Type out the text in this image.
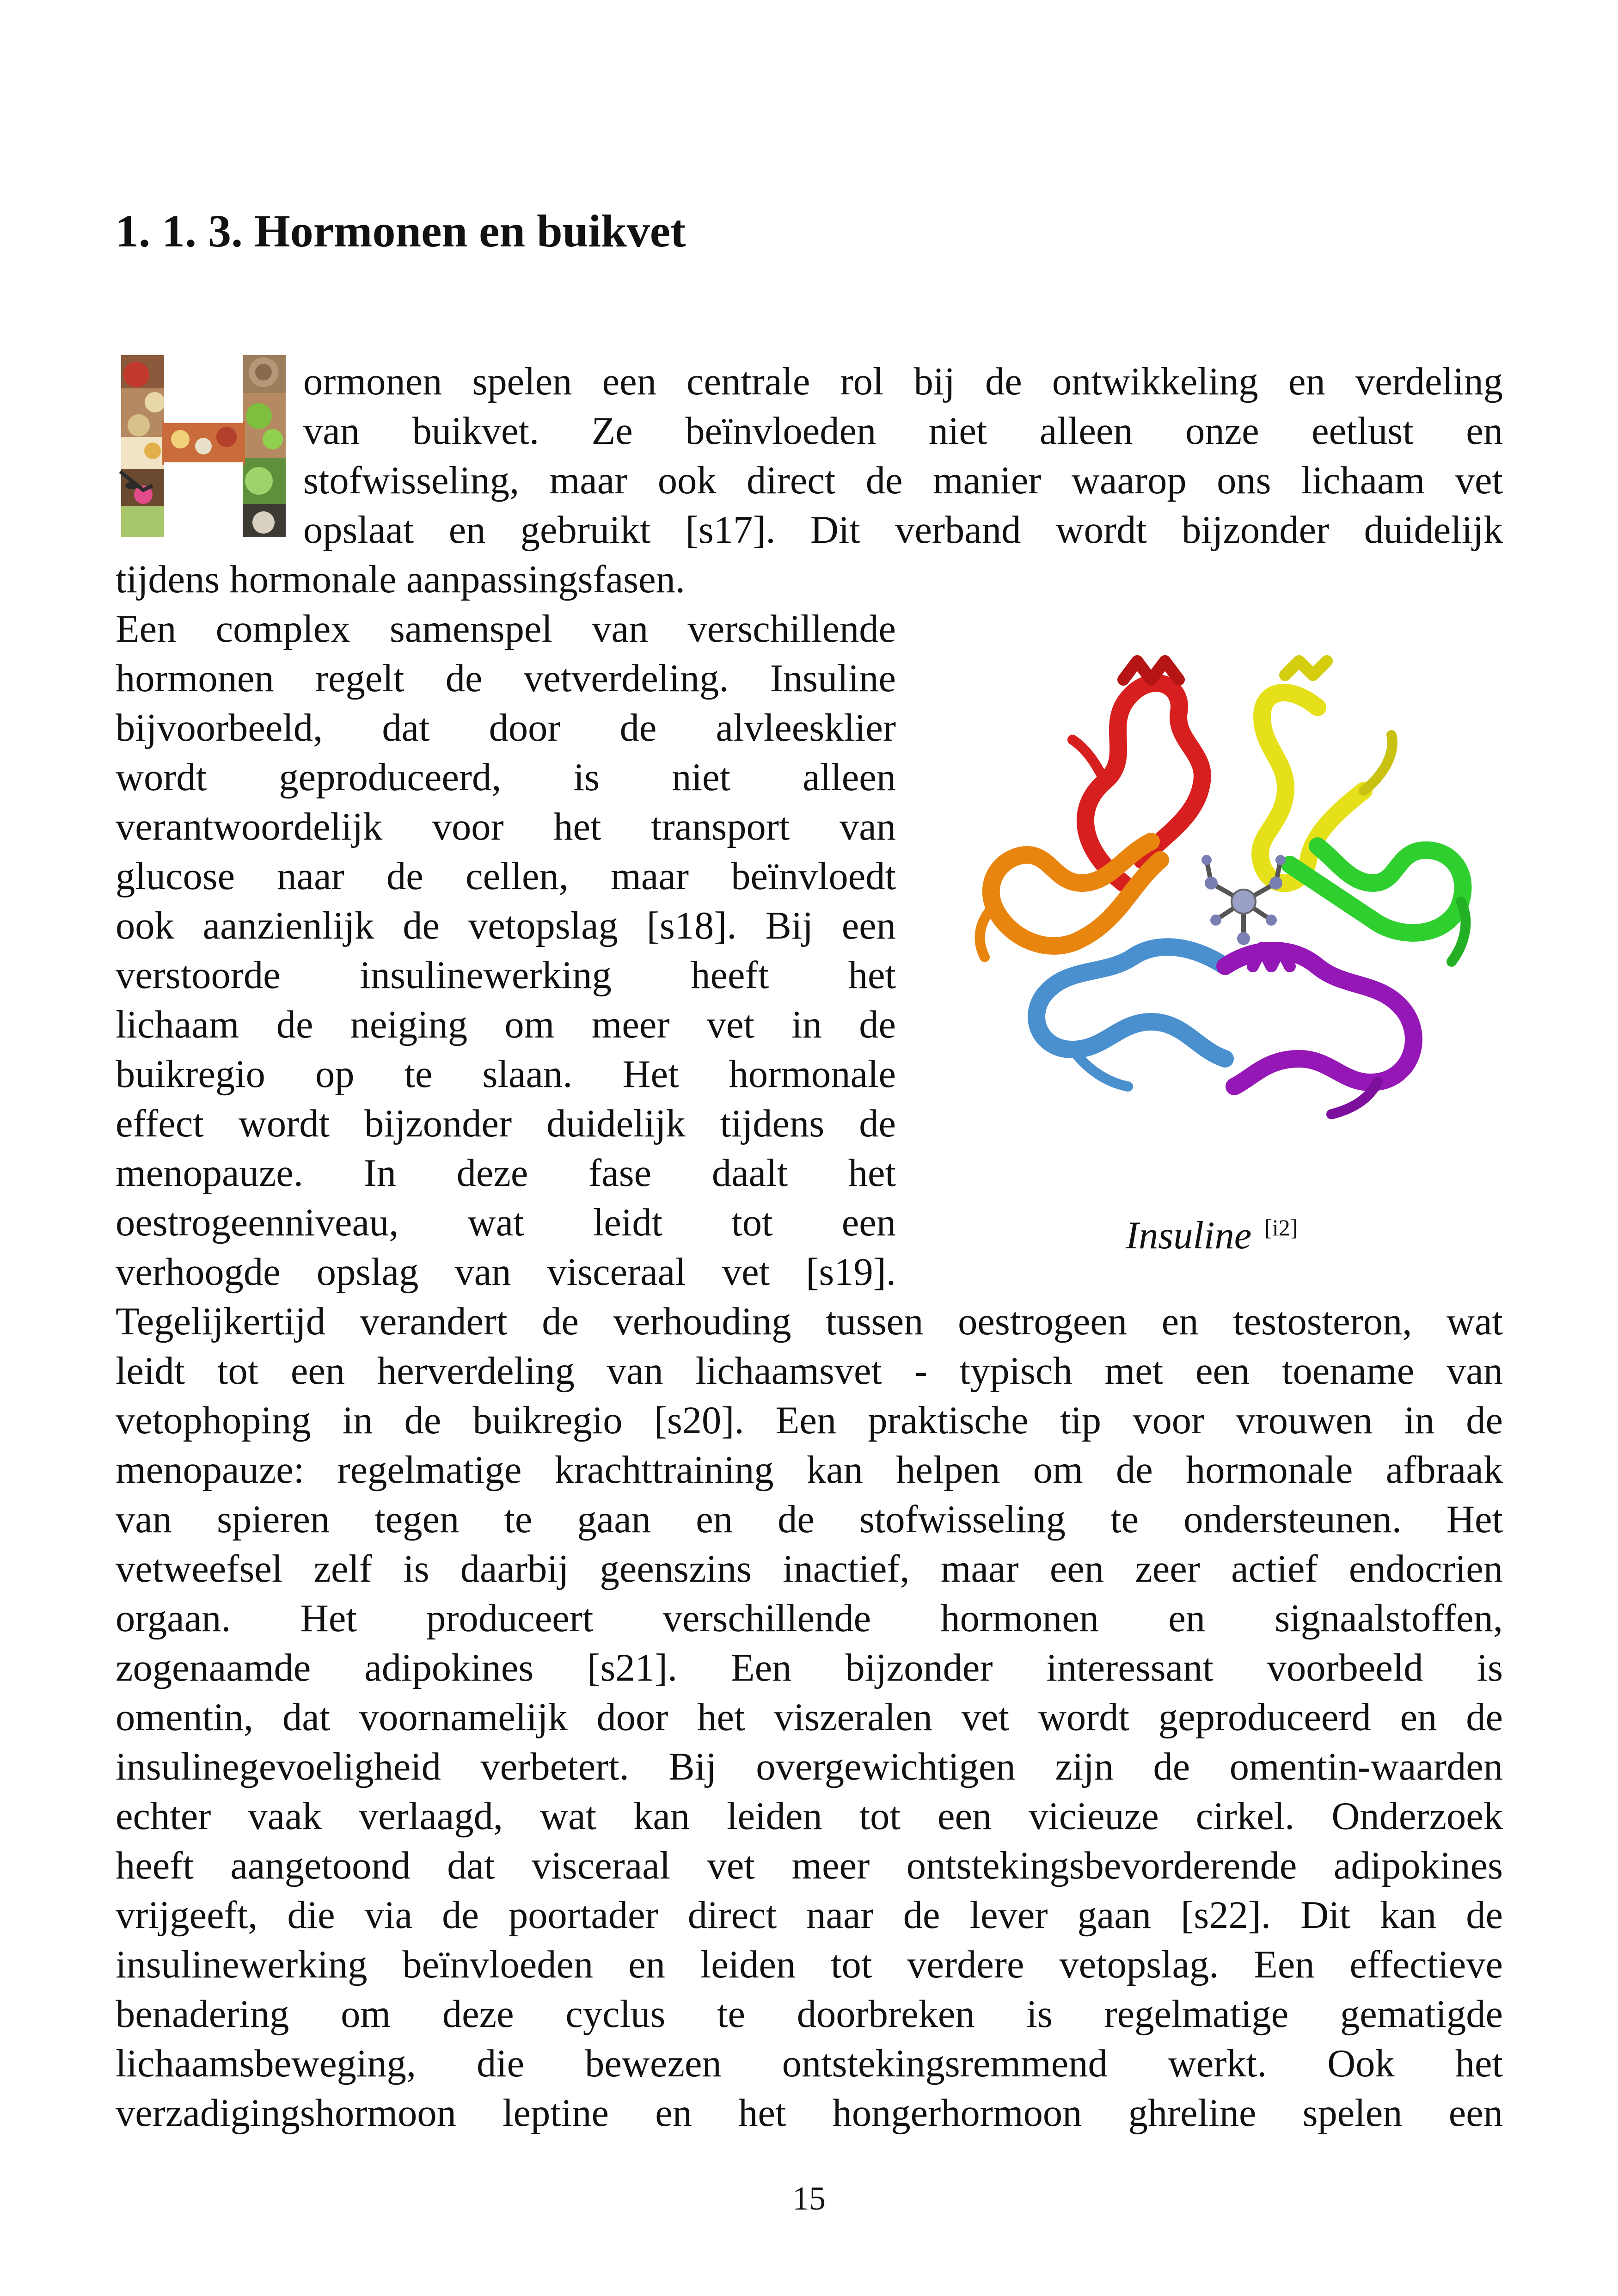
1. 1. 3. Hormonen en buikvet
ormonen spelen een centrale rol bij de ontwikkeling en verdeling
van buikvet. Ze beïnvloeden niet alleen onze eetlust en
stofwisseling, maar ook direct de manier waarop ons lichaam vet
opslaat en gebruikt [s17]. Dit verband wordt bijzonder duidelijk
tijdens hormonale aanpassingsfasen.
Een complex samenspel van verschillende
hormonen regelt de vetverdeling. Insuline
bijvoorbeeld, dat door de alvleesklier
wordt geproduceerd, is niet alleen
verantwoordelijk voor het transport van
glucose naar de cellen, maar beïnvloedt
ook aanzienlijk de vetopslag [s18]. Bij een
verstoorde insulinewerking heeft het
lichaam de neiging om meer vet in de
buikregio op te slaan. Het hormonale
effect wordt bijzonder duidelijk tijdens de
menopauze. In deze fase daalt het
oestrogeenniveau, wat leidt tot een
verhoogde opslag van visceraal vet [s19].
Insuline [i2]
Tegelijkertijd verandert de verhouding tussen oestrogeen en testosteron, wat
leidt tot een herverdeling van lichaamsvet - typisch met een toename van
vetophoping in de buikregio [s20]. Een praktische tip voor vrouwen in de
menopauze: regelmatige krachttraining kan helpen om de hormonale afbraak
van spieren tegen te gaan en de stofwisseling te ondersteunen. Het
vetweefsel zelf is daarbij geenszins inactief, maar een zeer actief endocrien
orgaan. Het produceert verschillende hormonen en signaalstoffen,
zogenaamde adipokines [s21]. Een bijzonder interessant voorbeeld is
omentin, dat voornamelijk door het viszeralen vet wordt geproduceerd en de
insulinegevoeligheid verbetert. Bij overgewichtigen zijn de omentin-waarden
echter vaak verlaagd, wat kan leiden tot een vicieuze cirkel. Onderzoek
heeft aangetoond dat visceraal vet meer ontstekingsbevorderende adipokines
vrijgeeft, die via de poortader direct naar de lever gaan [s22]. Dit kan de
insulinewerking beïnvloeden en leiden tot verdere vetopslag. Een effectieve
benadering om deze cyclus te doorbreken is regelmatige gematigde
lichaamsbeweging, die bewezen ontstekingsremmend werkt. Ook het
verzadigingshormoon leptine en het hongerhormoon ghreline spelen een
15
